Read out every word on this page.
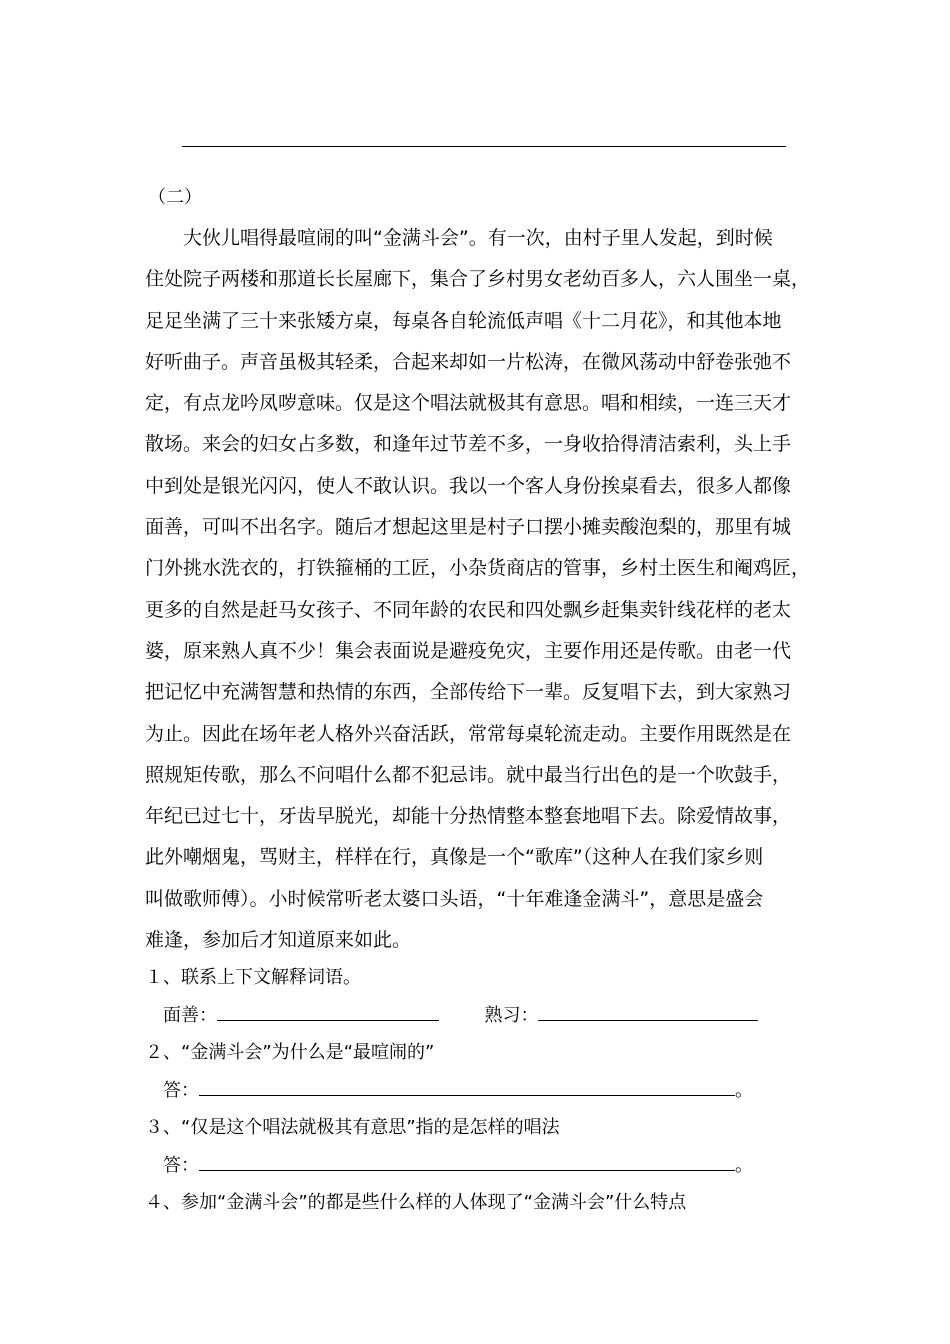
（二）
　　大伙儿唱得最喧闹的叫“金满斗会”。有一次，由村子里人发起，到时候
住处院子两楼和那道长长屋廊下，集合了乡村男女老幼百多人，六人围坐一桌，
足足坐满了三十来张矮方桌，每桌各自轮流低声唱《十二月花》，和其他本地
好听曲子。声音虽极其轻柔，合起来却如一片松涛，在微风荡动中舒卷张弛不
定，有点龙吟凤哕意味。仅是这个唱法就极其有意思。唱和相续，一连三天才
散场。来会的妇女占多数，和逢年过节差不多，一身收拾得清洁索利，头上手
中到处是银光闪闪，使人不敢认识。我以一个客人身份挨桌看去，很多人都像
面善，可叫不出名字。随后才想起这里是村子口摆小摊卖酸泡梨的，那里有城
门外挑水洗衣的，打铁箍桶的工匠，小杂货商店的管事，乡村土医生和阉鸡匠，
更多的自然是赶马女孩子、不同年龄的农民和四处飘乡赶集卖针线花样的老太
婆，原来熟人真不少！集会表面说是避疫免灾，主要作用还是传歌。由老一代
把记忆中充满智慧和热情的东西，全部传给下一辈。反复唱下去，到大家熟习
为止。因此在场年老人格外兴奋活跃，常常每桌轮流走动。主要作用既然是在
照规矩传歌，那么不问唱什么都不犯忌讳。就中最当行出色的是一个吹鼓手，
年纪已过七十，牙齿早脱光，却能十分热情整本整套地唱下去。除爱情故事，
此外嘲烟鬼，骂财主，样样在行，真像是一个“歌库”（这种人在我们家乡则
叫做歌师傅）。小时候常听老太婆口头语，“十年难逢金满斗”，意思是盛会
难逢，参加后才知道原来如此。
１、联系上下文解释词语。
面善：	熟习：
２、“金满斗会”为什么是“最喧闹的”
答：	。
３、“仅是这个唱法就极其有意思”指的是怎样的唱法
答：	。
４、参加“金满斗会”的都是些什么样的人体现了“金满斗会”什么特点
